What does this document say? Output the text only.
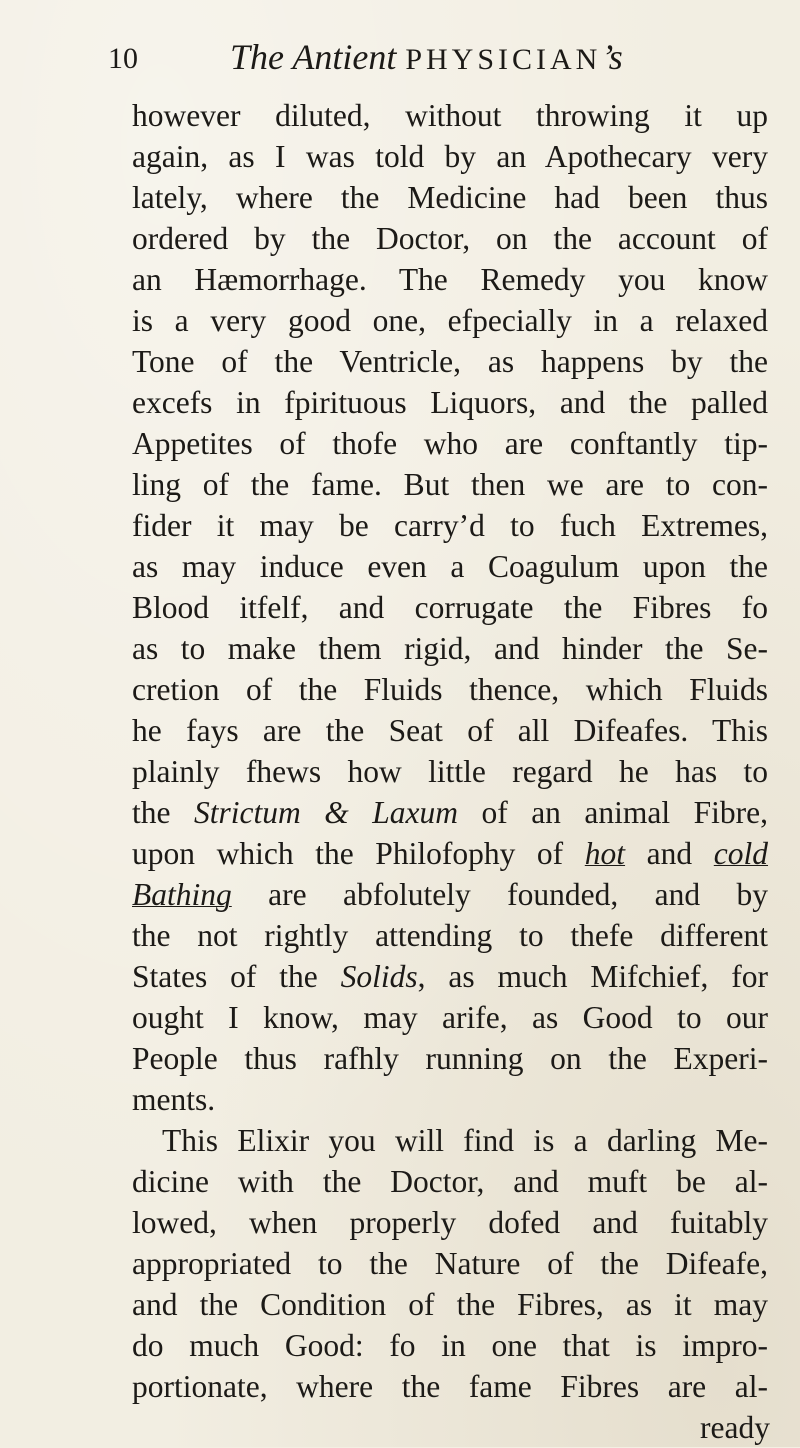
10	The Antient PHYSICIAN’s
however diluted, without throwing it up
again, as I was told by an Apothecary very
lately, where the Medicine had been thus
ordered by the Doctor, on the account of
an Hæmorrhage. The Remedy you know
is a very good one, efpecially in a relaxed
Tone of the Ventricle, as happens by the
excefs in fpirituous Liquors, and the palled
Appetites of thofe who are conftantly tip-
ling of the fame. But then we are to con-
fider it may be carry’d to fuch Extremes,
as may induce even a Coagulum upon the
Blood itfelf, and corrugate the Fibres fo
as to make them rigid, and hinder the Se-
cretion of the Fluids thence, which Fluids
he fays are the Seat of all Difeafes. This
plainly fhews how little regard he has to
the Strictum & Laxum of an animal Fibre,
upon which the Philofophy of hot and cold
Bathing are abfolutely founded, and by
the not rightly attending to thefe different
States of the Solids, as much Mifchief, for
ought I know, may arife, as Good to our
People thus rafhly running on the Experi-
ments.
This Elixir you will find is a darling Me-
dicine with the Doctor, and muft be al-
lowed, when properly dofed and fuitably
appropriated to the Nature of the Difeafe,
and the Condition of the Fibres, as it may
do much Good: fo in one that is impro-
portionate, where the fame Fibres are al-
ready
